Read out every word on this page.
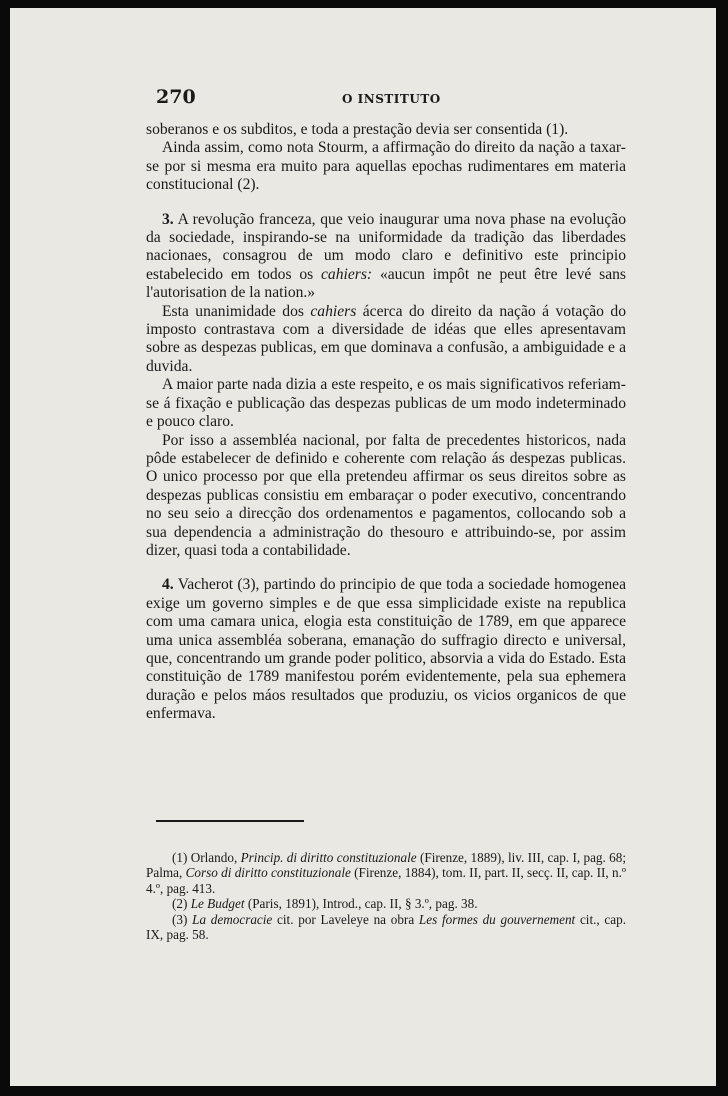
270	O INSTITUTO

soberanos e os subditos, e toda a prestação devia ser consentida (1).

Ainda assim, como nota Stourm, a affirmação do direito da nação a taxar-se por si mesma era muito para aquellas epochas rudimentares em materia constitucional (2).

3. A revolução franceza, que veio inaugurar uma nova phase na evolução da sociedade, inspirando-se na uniformidade da tradição das liberdades nacionaes, consagrou de um modo claro e definitivo este principio estabelecido em todos os cahiers: «aucun impôt ne peut être levé sans l'autorisation de la nation.»

Esta unanimidade dos cahiers ácerca do direito da nação á votação do imposto contrastava com a diversidade de idéas que elles apresentavam sobre as despezas publicas, em que dominava a confusão, a ambiguidade e a duvida.

A maior parte nada dizia a este respeito, e os mais significativos referiam-se á fixação e publicação das despezas publicas de um modo indeterminado e pouco claro.

Por isso a assembléa nacional, por falta de precedentes historicos, nada pôde estabelecer de definido e coherente com relação ás despezas publicas. O unico processo por que ella pretendeu affirmar os seus direitos sobre as despezas publicas consistiu em embaraçar o poder executivo, concentrando no seu seio a direcção dos ordenamentos e pagamentos, collocando sob a sua dependencia a administração do thesouro e attribuindo-se, por assim dizer, quasi toda a contabilidade.

4. Vacherot (3), partindo do principio de que toda a sociedade homogenea exige um governo simples e de que essa simplicidade existe na republica com uma camara unica, elogia esta constituição de 1789, em que apparece uma unica assembléa soberana, emanação do suffragio directo e universal, que, concentrando um grande poder politico, absorvia a vida do Estado. Esta constituição de 1789 manifestou porém evidentemente, pela sua ephemera duração e pelos máos resultados que produziu, os vicios organicos de que enfermava.

(1) Orlando, Princip. di diritto constituzionale (Firenze, 1889), liv. III, cap. I, pag. 68; Palma, Corso di diritto constituzionale (Firenze, 1884), tom. II, part. II, secç. II, cap. II, n.º 4.º, pag. 413.

(2) Le Budget (Paris, 1891), Introd., cap. II, § 3.º, pag. 38.

(3) La democracie cit. por Laveleye na obra Les formes du gouvernement cit., cap. IX, pag. 58.
